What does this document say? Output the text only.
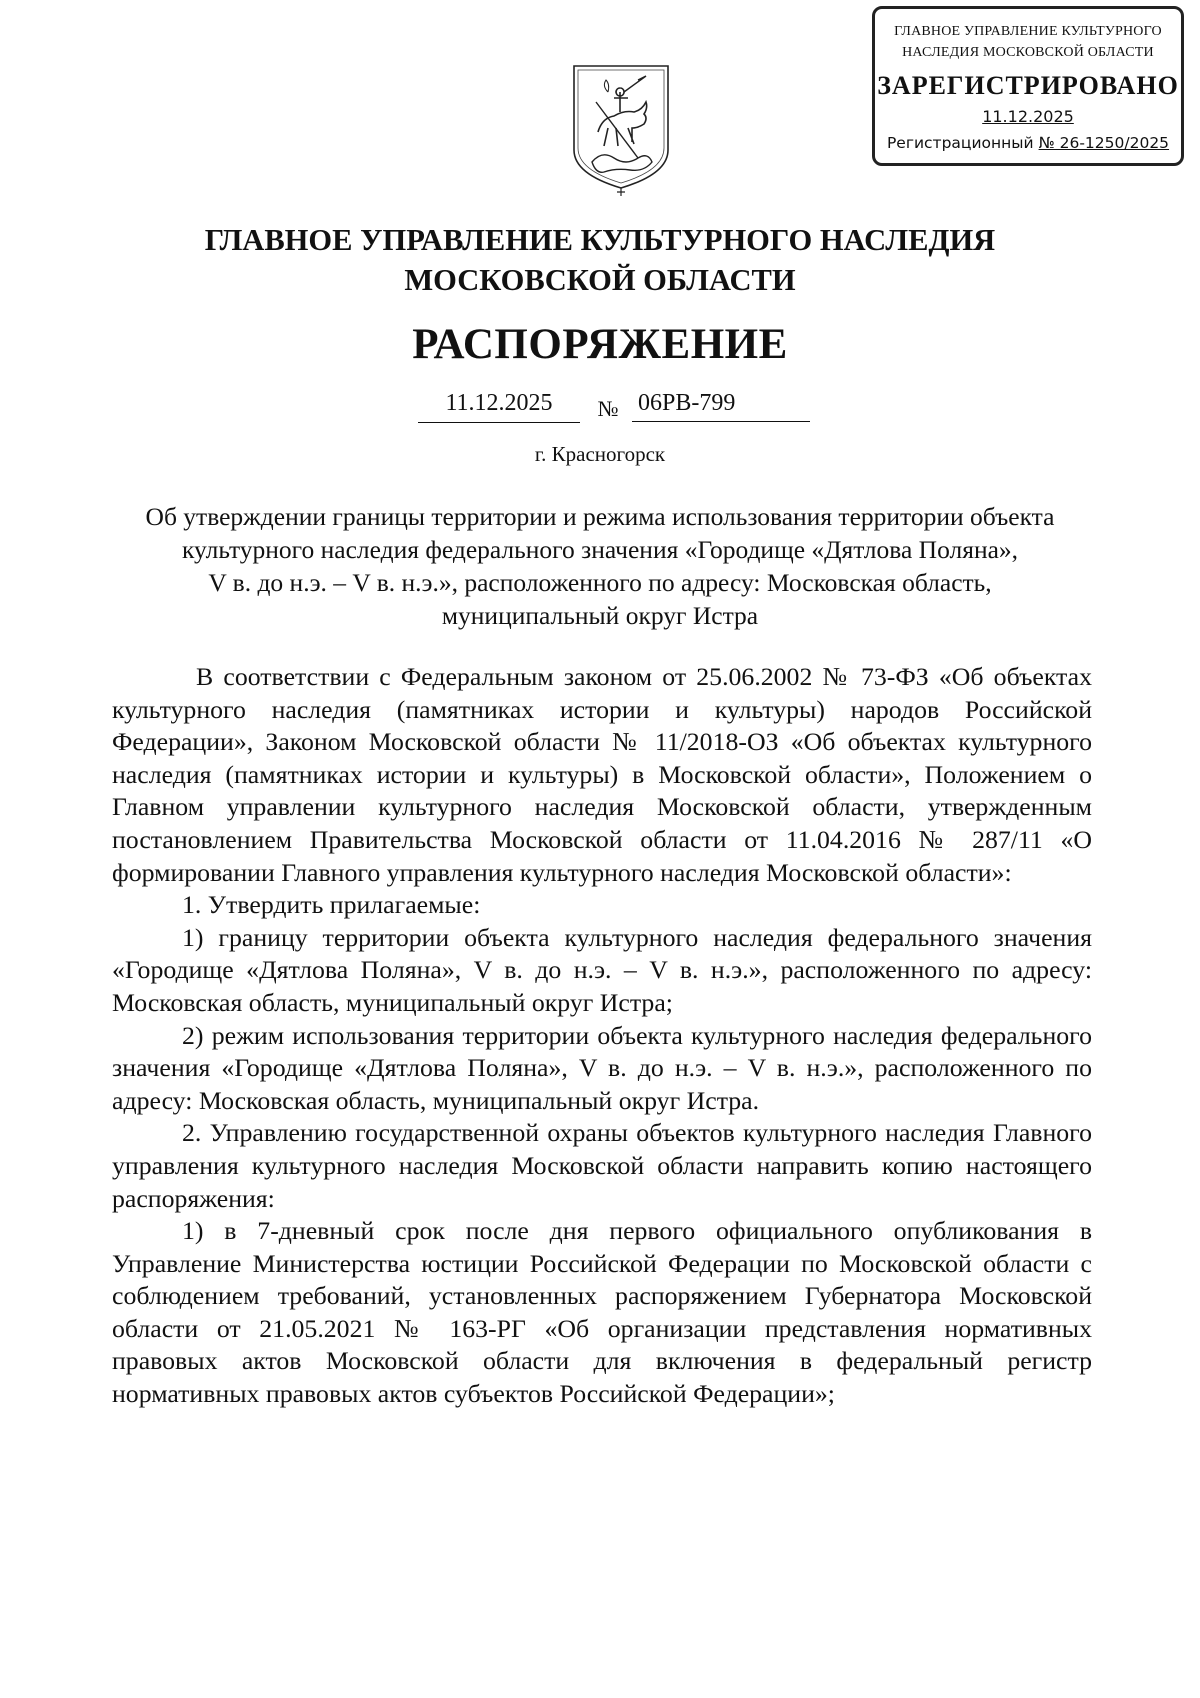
ГЛАВНОЕ УПРАВЛЕНИЕ КУЛЬТУРНОГО
НАСЛЕДИЯ МОСКОВСКОЙ ОБЛАСТИ
ЗАРЕГИСТРИРОВАНО
11.12.2025
Регистрационный № 26-1250/2025
ГЛАВНОЕ УПРАВЛЕНИЕ КУЛЬТУРНОГО НАСЛЕДИЯ
МОСКОВСКОЙ ОБЛАСТИ
РАСПОРЯЖЕНИЕ
11.12.2025	№ 06РВ-799
г. Красногорск
Об утверждении границы территории и режима использования территории объекта
культурного наследия федерального значения «Городище «Дятлова Поляна»,
V в. до н.э. – V в. н.э.», расположенного по адресу: Московская область,
муниципальный округ Истра

В соответствии с Федеральным законом от 25.06.2002 № 73-ФЗ «Об объектах культурного наследия (памятниках истории и культуры) народов Российской Федерации», Законом Московской области № 11/2018-ОЗ «Об объектах культурного наследия (памятниках истории и культуры) в Московской области», Положением о Главном управлении культурного наследия Московской области, утвержденным постановлением Правительства Московской области от 11.04.2016 № 287/11 «О формировании Главного управления культурного наследия Московской области»:

1. Утвердить прилагаемые:

1) границу территории объекта культурного наследия федерального значения «Городище «Дятлова Поляна», V в. до н.э. – V в. н.э.», расположенного по адресу: Московская область, муниципальный округ Истра;

2) режим использования территории объекта культурного наследия федерального значения «Городище «Дятлова Поляна», V в. до н.э. – V в. н.э.», расположенного по адресу: Московская область, муниципальный округ Истра.

2. Управлению государственной охраны объектов культурного наследия Главного управления культурного наследия Московской области направить копию настоящего распоряжения:

1) в 7-дневный срок после дня первого официального опубликования в Управление Министерства юстиции Российской Федерации по Московской области с соблюдением требований, установленных распоряжением Губернатора Московской области от 21.05.2021 № 163-РГ «Об организации представления нормативных правовых актов Московской области для включения в федеральный регистр нормативных правовых актов субъектов Российской Федерации»;
